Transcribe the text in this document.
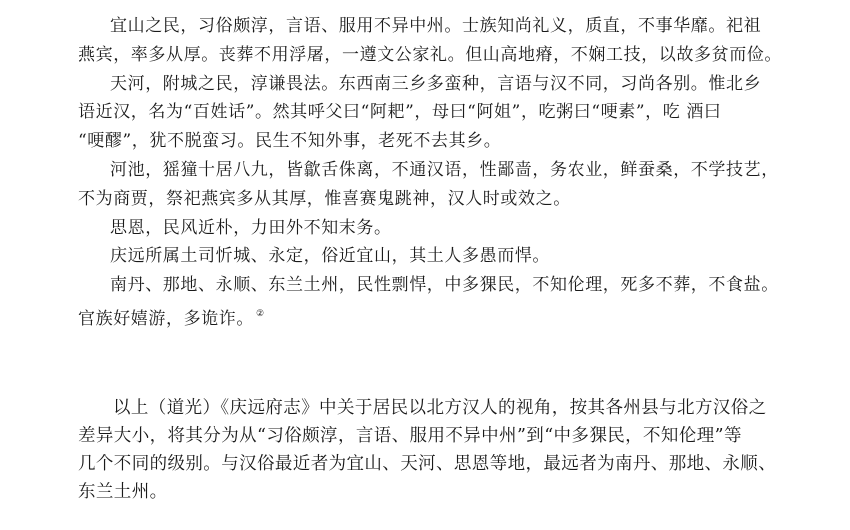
宜山之民，习俗颇淳，言语、服用不异中州。士族知尚礼义，质直，不事华靡。祀祖
燕宾，率多从厚。丧葬不用浮屠，一遵文公家礼。但山高地瘠，不娴工技，以故多贫而俭。
天河，附城之民，淳谦畏法。东西南三乡多蛮种，言语与汉不同，习尚各别。惟北乡
语近汉，名为“百姓话”。然其呼父曰“阿耙”，母曰“阿姐”，吃粥曰“哽素”，吃 酒曰
“哽醪”，犹不脱蛮习。民生不知外事，老死不去其乡。
河池，猺獞十居八九，皆歙舌侏离，不通汉语，性鄙啬，务农业，鲜蚕桑，不学技艺，
不为商贾，祭祀燕宾多从其厚，惟喜赛鬼跳神，汉人时或效之。
思恩，民风近朴，力田外不知末务。
庆远所属土司忻城、永定，俗近宜山，其土人多愚而悍。
南丹、那地、永顺、东兰土州，民性剽悍，中多猓民，不知伦理，死多不葬，不食盐。
官族好嬉游，多诡诈。 ②
以上（道光）《庆远府志》中关于居民以北方汉人的视角，按其各州县与北方汉俗之
差异大小，将其分为从“习俗颇淳，言语、服用不异中州”到“中多猓民，不知伦理”等
几个不同的级别。与汉俗最近者为宜山、天河、思恩等地，最远者为南丹、那地、永顺、
东兰土州。
